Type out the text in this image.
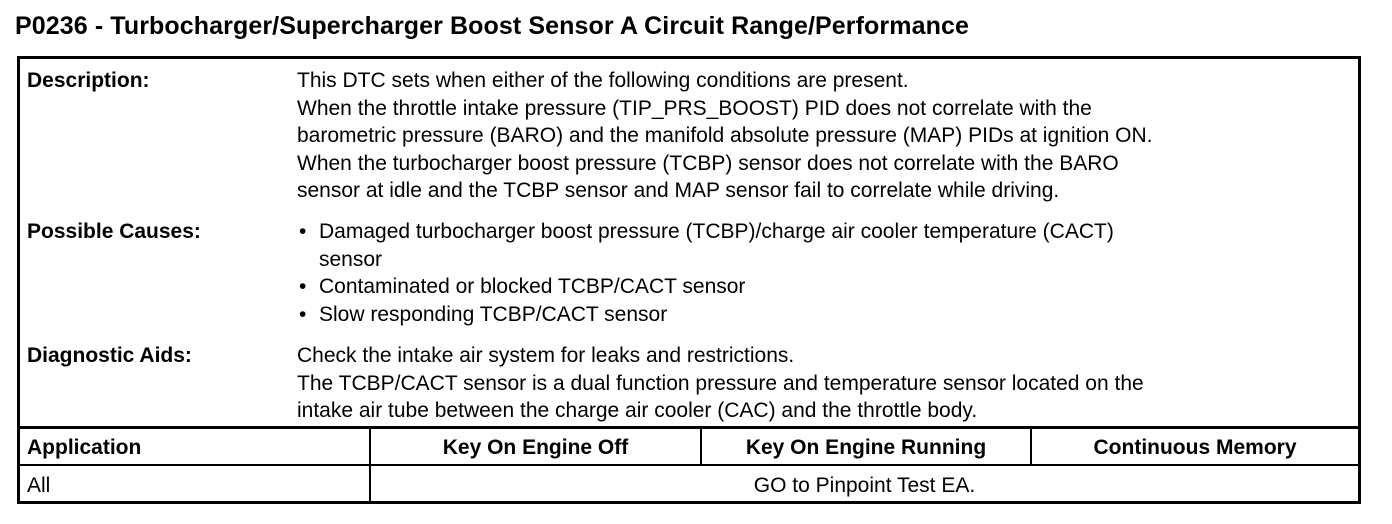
P0236 - Turbocharger/Supercharger Boost Sensor A Circuit Range/Performance
Description:	This DTC sets when either of the following conditions are present.
When the throttle intake pressure (TIP_PRS_BOOST) PID does not correlate with the
barometric pressure (BARO) and the manifold absolute pressure (MAP) PIDs at ignition ON.
When the turbocharger boost pressure (TCBP) sensor does not correlate with the BARO
sensor at idle and the TCBP sensor and MAP sensor fail to correlate while driving.
Possible Causes:	• Damaged turbocharger boost pressure (TCBP)/charge air cooler temperature (CACT)
sensor
• Contaminated or blocked TCBP/CACT sensor
• Slow responding TCBP/CACT sensor
Diagnostic Aids:	Check the intake air system for leaks and restrictions.
The TCBP/CACT sensor is a dual function pressure and temperature sensor located on the
intake air tube between the charge air cooler (CAC) and the throttle body.
Application	Key On Engine Off	Key On Engine Running	Continuous Memory
All	GO to Pinpoint Test EA.
